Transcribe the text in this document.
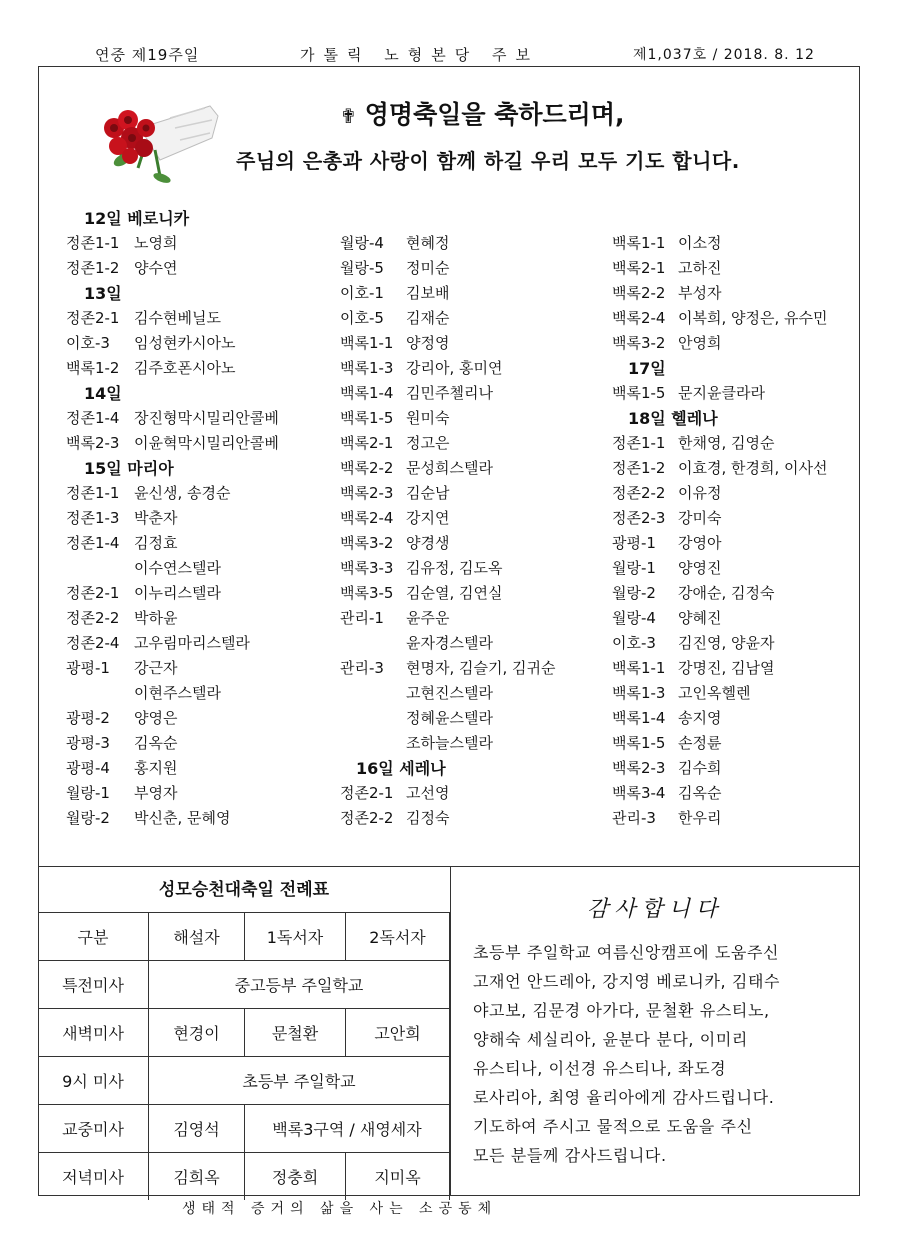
연중 제19주일	가톨릭 노형본당 주보	제1,037호 / 2018. 8. 12
✟ 영명축일을 축하드리며,
주님의 은총과 사랑이 함께 하길 우리 모두 기도 합니다.
12일 베로니카
정존1-1 노영희
정존1-2 양수연
13일
정존2-1 김수현베닐도
이호-3	임성현카시아노
백록1-2 김주호폰시아노
14일
정존1-4 장진형막시밀리안콜베
백록2-3 이윤혁막시밀리안콜베
15일 마리아
정존1-1 윤신생, 송경순
정존1-3 박춘자
정존1-4 김정효
이수연스텔라
정존2-1 이누리스텔라
정존2-2 박하윤
정존2-4 고우림마리스텔라
광평-1	강근자
이현주스텔라
광평-2	양영은
광평-3	김옥순
광평-4	홍지원
월랑-1	부영자
월랑-2	박신춘, 문혜영
월랑-4	현혜정
월랑-5	정미순
이호-1	김보배
이호-5	김재순
백록1-1 양정영
백록1-3 강리아, 홍미연
백록1-4 김민주첼리나
백록1-5 원미숙
백록2-1 정고은
백록2-2 문성희스텔라
백록2-3 김순남
백록2-4 강지연
백록3-2 양경생
백록3-3 김유정, 김도옥
백록3-5 김순열, 김연실
관리-1	윤주운
윤자경스텔라
관리-3	현명자, 김슬기, 김귀순
고현진스텔라
정혜윤스텔라
조하늘스텔라
16일 세레나
정존2-1 고선영
정존2-2 김정숙
백록1-1 이소정
백록2-1 고하진
백록2-2 부성자
백록2-4 이복희, 양정은, 유수민
백록3-2 안영희
17일
백록1-5 문지윤클라라
18일 헬레나
정존1-1 한채영, 김영순
정존1-2 이효경, 한경희, 이사선
정존2-2 이유정
정존2-3 강미숙
광평-1	강영아
월랑-1	양영진
월랑-2	강애순, 김정숙
월랑-4	양혜진
이호-3	김진영, 양윤자
백록1-1 강명진, 김남열
백록1-3 고인옥헬렌
백록1-4 송지영
백록1-5 손정륜
백록2-3 김수희
백록3-4 김옥순
관리-3	한우리
성모승천대축일 전례표
구분	해설자	1독서자	2독서자
특전미사	중고등부 주일학교		
새벽미사	현경이	문철환	고안희
9시 미사	초등부 주일학교		
교중미사	김영석	백록3구역 / 새영세자	
저녁미사	김희옥	정충희	지미옥
감사합니다
초등부 주일학교 여름신앙캠프에 도움주신
고재언 안드레아, 강지영 베로니카, 김태수
야고보, 김문경 아가다, 문철환 유스티노,
양해숙 세실리아, 윤분다 분다, 이미리
유스티나, 이선경 유스티나, 좌도경
로사리아, 최영 율리아에게 감사드립니다.
기도하여 주시고 물적으로 도움을 주신
모든 분들께 감사드립니다.
생태적 증거의 삶을 사는 소공동체
